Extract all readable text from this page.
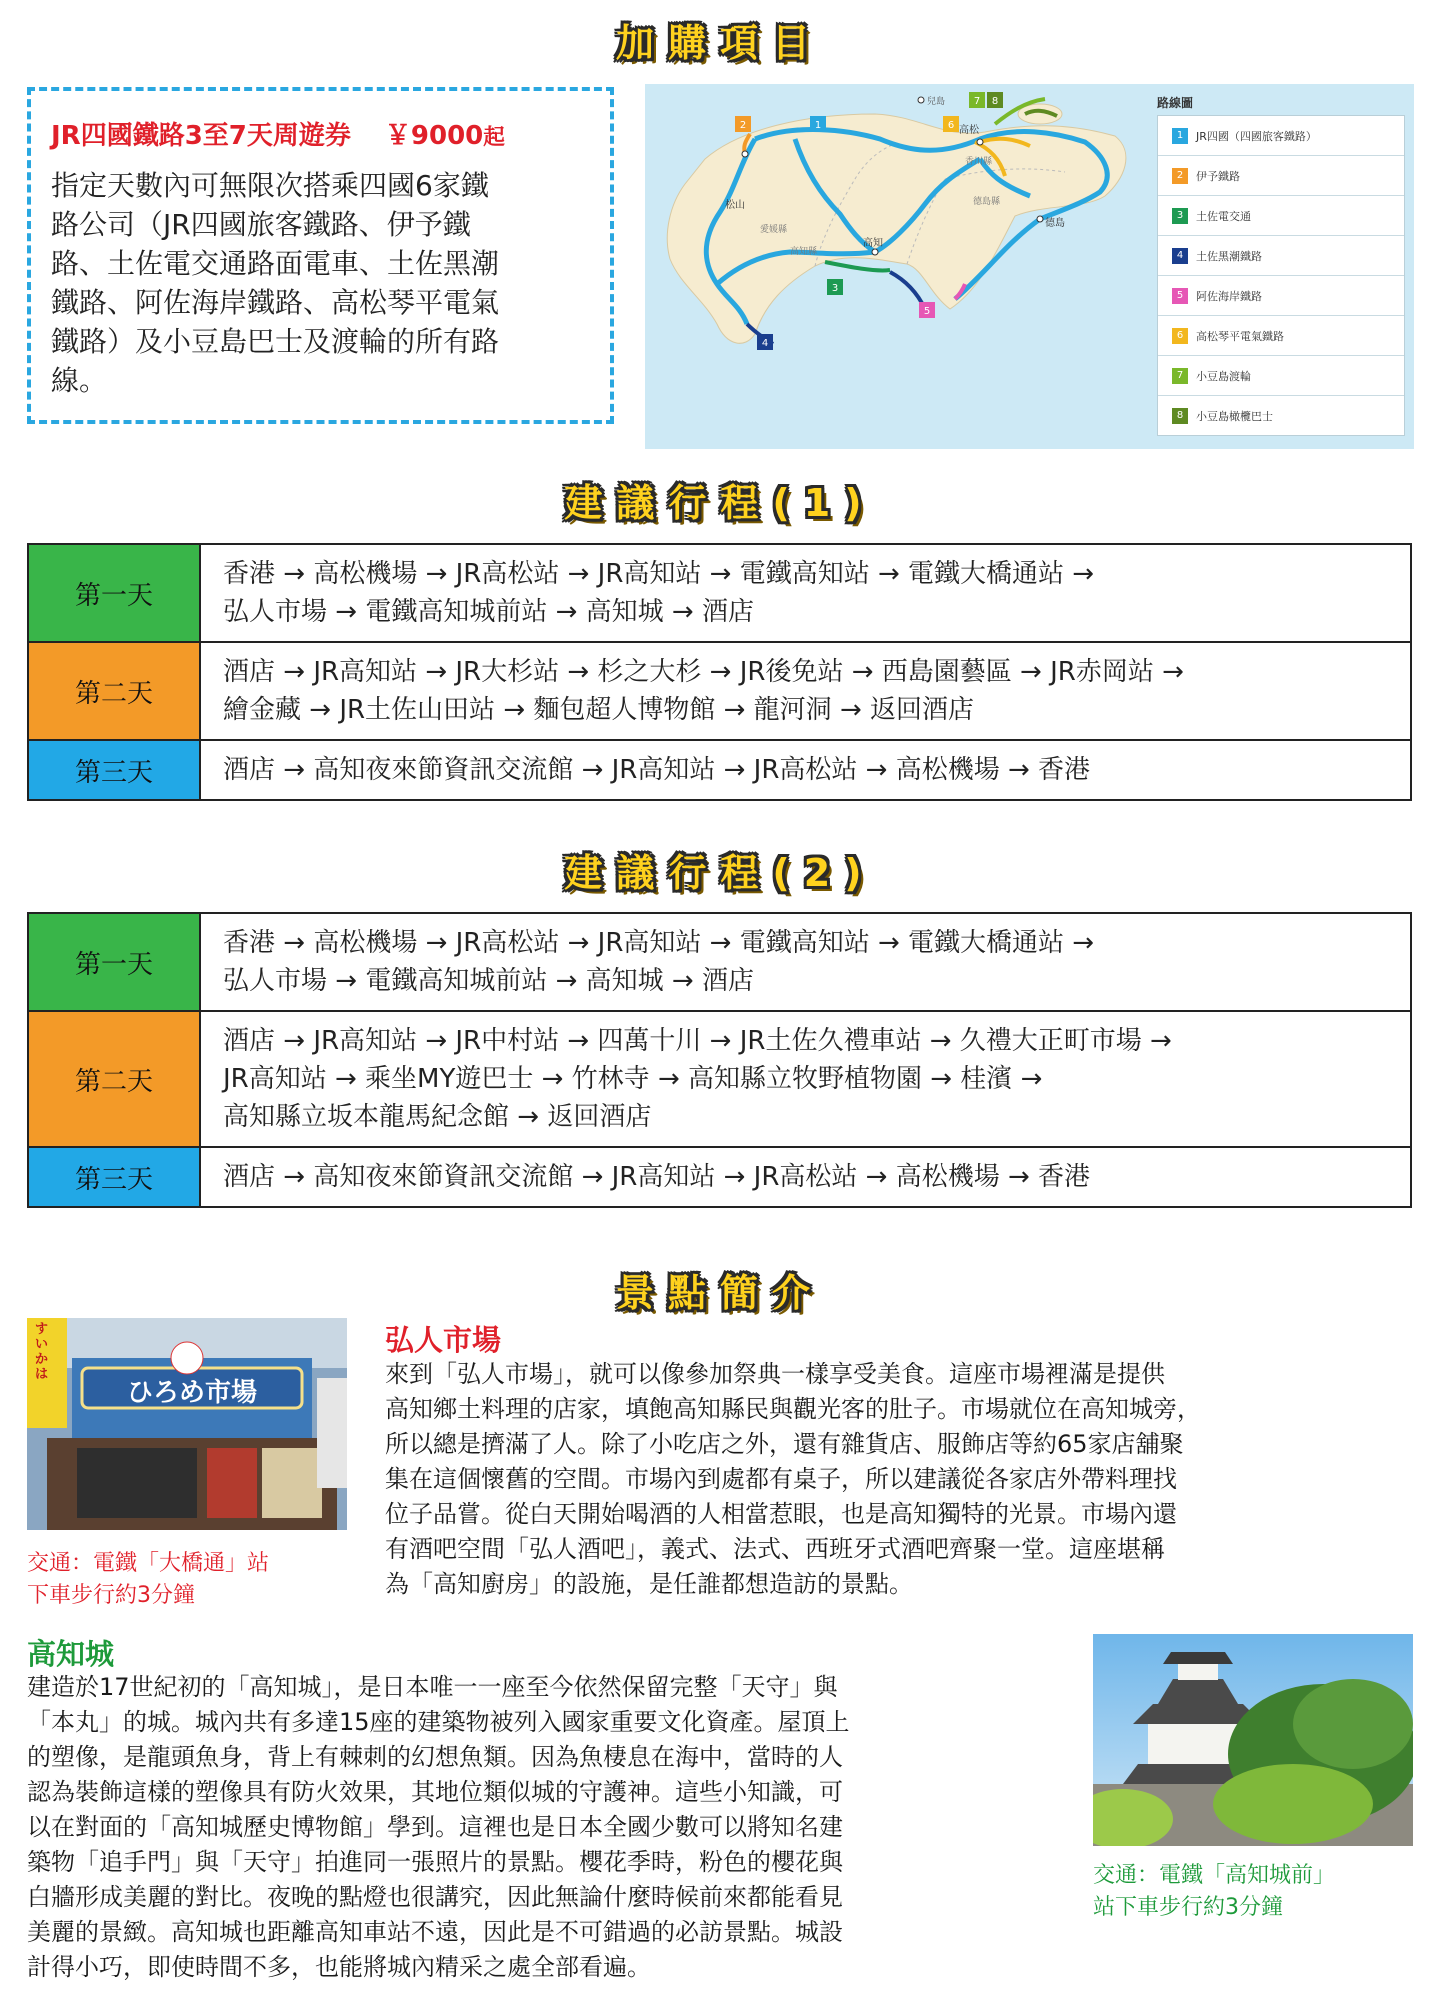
加購項目
JR四國鐵路3至7天周遊券 ￥9000起
指定天數內可無限次搭乘四國6家鐵
路公司（JR四國旅客鐵路、伊予鐵
路、土佐電交通路面電車、土佐黑潮
鐵路、阿佐海岸鐵路、高松琴平電氣
鐵路）及小豆島巴士及渡輪的所有路
線。
2	1
3
4
5
6
7 8
松山
愛媛縣
高知縣
高知
高松
香川縣
德島縣
德島
兒島	路線圖
1	JR四國（四國旅客鐵路）
2	伊予鐵路
3	土佐電交通
4	土佐黑潮鐵路
5	阿佐海岸鐵路
6	高松琴平電氣鐵路
7	小豆島渡輪
8	小豆島橄欖巴士
建議行程(1)
第一天	香港 → 高松機場 → JR高松站 → JR高知站 → 電鐵高知站 → 電鐵大橋通站 →
弘人市場 → 電鐵高知城前站 → 高知城 → 酒店

第二天	酒店 → JR高知站 → JR大杉站 → 杉之大杉 → JR後免站 → 西島園藝區 → JR赤岡站 →
繪金藏 → JR土佐山田站 → 麵包超人博物館 → 龍河洞 → 返回酒店

第三天	酒店 → 高知夜來節資訊交流館 → JR高知站 → JR高松站 → 高松機場 → 香港
建議行程(2)
第一天	香港 → 高松機場 → JR高松站 → JR高知站 → 電鐵高知站 → 電鐵大橋通站 →
弘人市場 → 電鐵高知城前站 → 高知城 → 酒店

第二天	酒店 → JR高知站 → JR中村站 → 四萬十川 → JR土佐久禮車站 → 久禮大正町市場 →
JR高知站 → 乘坐MY遊巴士 → 竹林寺 → 高知縣立牧野植物園 → 桂濱 →
高知縣立坂本龍馬紀念館 → 返回酒店

第三天	酒店 → 高知夜來節資訊交流館 → JR高知站 → JR高松站 → 高松機場 → 香港
景點簡介
ひろめ市場
すいかは
交通：電鐵「大橋通」站
下車步行約3分鐘
弘人市場
來到「弘人市場」，就可以像參加祭典一樣享受美食。這座市場裡滿是提供
高知鄉土料理的店家，填飽高知縣民與觀光客的肚子。市場就位在高知城旁，
所以總是擠滿了人。除了小吃店之外，還有雜貨店、服飾店等約65家店舖聚
集在這個懷舊的空間。市場內到處都有桌子，所以建議從各家店外帶料理找
位子品嘗。從白天開始喝酒的人相當惹眼，也是高知獨特的光景。市場內還
有酒吧空間「弘人酒吧」，義式、法式、西班牙式酒吧齊聚一堂。這座堪稱
為「高知廚房」的設施，是任誰都想造訪的景點。
高知城
建造於17世紀初的「高知城」，是日本唯一一座至今依然保留完整「天守」與
「本丸」的城。城內共有多達15座的建築物被列入國家重要文化資產。屋頂上
的塑像，是龍頭魚身，背上有棘刺的幻想魚類。因為魚棲息在海中，當時的人
認為裝飾這樣的塑像具有防火效果，其地位類似城的守護神。這些小知識，可
以在對面的「高知城歷史博物館」學到。這裡也是日本全國少數可以將知名建
築物「追手門」與「天守」拍進同一張照片的景點。櫻花季時，粉色的櫻花與
白牆形成美麗的對比。夜晚的點燈也很講究，因此無論什麼時候前來都能看見
美麗的景緻。高知城也距離高知車站不遠，因此是不可錯過的必訪景點。城設
計得小巧，即使時間不多，也能將城內精采之處全部看遍。
交通：電鐵「高知城前」
站下車步行約3分鐘
